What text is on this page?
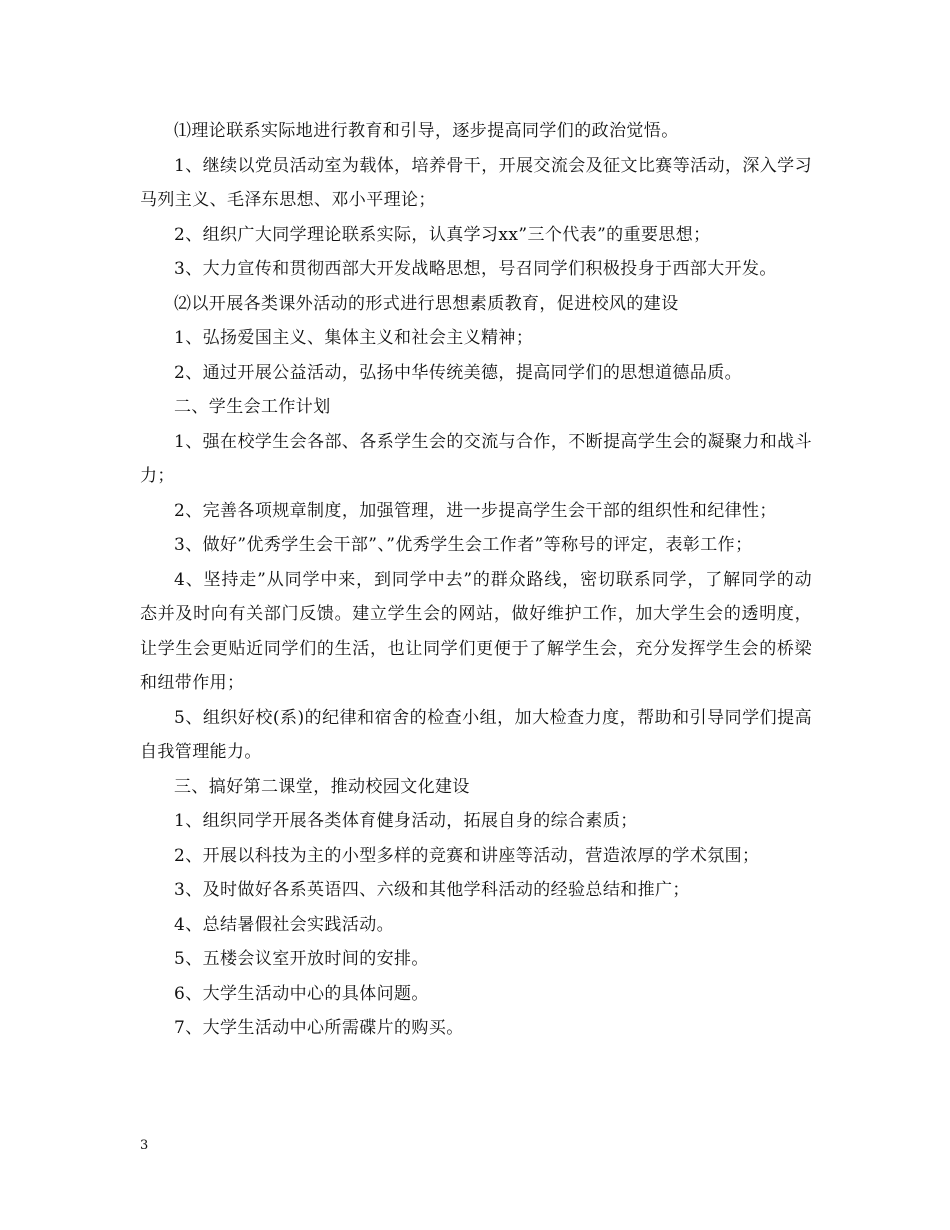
⑴理论联系实际地进行教育和引导，逐步提高同学们的政治觉悟。

1、继续以党员活动室为载体，培养骨干，开展交流会及征文比赛等活动，深入学习马列主义、毛泽东思想、邓小平理论；

2、组织广大同学理论联系实际，认真学习xx”三个代表”的重要思想；

3、大力宣传和贯彻西部大开发战略思想，号召同学们积极投身于西部大开发。

⑵以开展各类课外活动的形式进行思想素质教育，促进校风的建设

1、弘扬爱国主义、集体主义和社会主义精神；

2、通过开展公益活动，弘扬中华传统美德，提高同学们的思想道德品质。

二、学生会工作计划

1、强在校学生会各部、各系学生会的交流与合作，不断提高学生会的凝聚力和战斗力；

2、完善各项规章制度，加强管理，进一步提高学生会干部的组织性和纪律性；

3、做好”优秀学生会干部”、”优秀学生会工作者”等称号的评定，表彰工作；

4、坚持走”从同学中来，到同学中去”的群众路线，密切联系同学，了解同学的动态并及时向有关部门反馈。建立学生会的网站，做好维护工作，加大学生会的透明度，让学生会更贴近同学们的生活，也让同学们更便于了解学生会，充分发挥学生会的桥梁和纽带作用；

5、组织好校(系)的纪律和宿舍的检查小组，加大检查力度，帮助和引导同学们提高自我管理能力。

三、搞好第二课堂，推动校园文化建设

1、组织同学开展各类体育健身活动，拓展自身的综合素质；

2、开展以科技为主的小型多样的竞赛和讲座等活动，营造浓厚的学术氛围；

3、及时做好各系英语四、六级和其他学科活动的经验总结和推广；

4、总结暑假社会实践活动。

5、五楼会议室开放时间的安排。

6、大学生活动中心的具体问题。

7、大学生活动中心所需碟片的购买。

3
